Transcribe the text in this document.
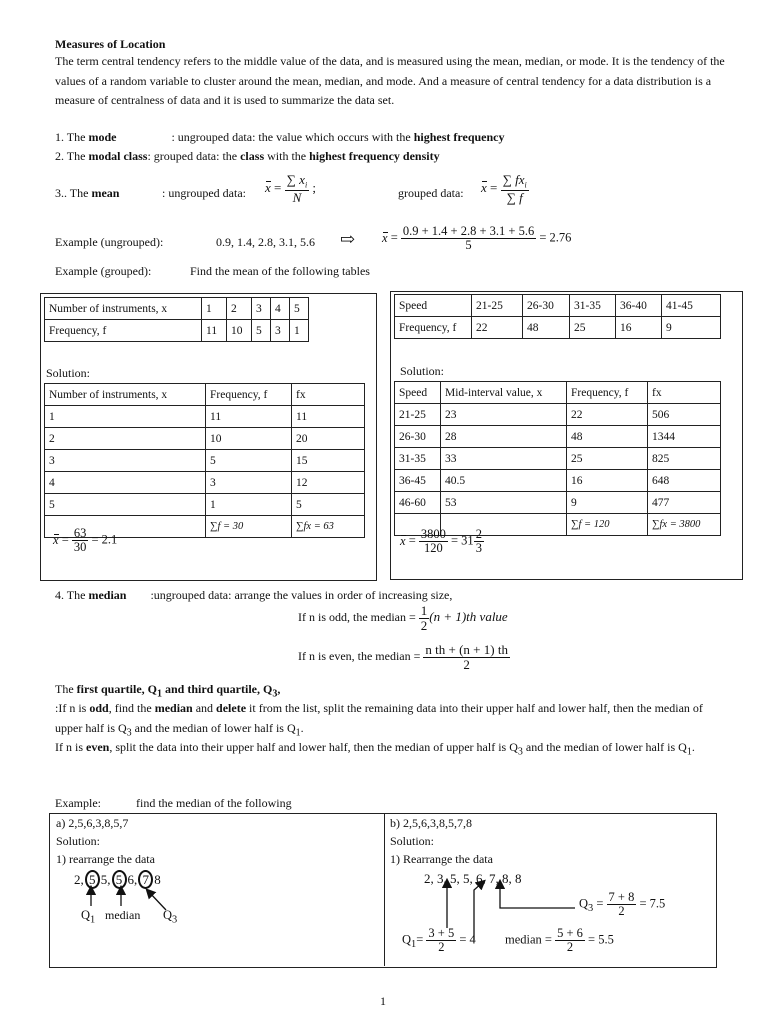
Measures of Location
The term central tendency refers to the middle value of the data, and is measured using the mean, median, or mode. It is the tendency of the values of a random variable to cluster around the mean, median, and mode. And a measure of central tendency for a data distribution is a measure of centralness of data and it is used to summarize the data set.
1. The mode	: ungrouped data: the value which occurs with the highest frequency
2. The modal class: grouped data: the class with the highest frequency density
3.. The mean	: ungrouped data: $x = \frac{\sum x_i}{N}$ ;	grouped data: $x = \frac{\sum fx_i}{\sum f}$
Example (ungrouped):	0.9, 1.4, 2.8, 3.1, 5.6 ⇨ $x = \frac{0.9 + 1.4 + 2.8 + 3.1 + 5.6}{5} = 2.76$
Example (grouped):	Find the mean of the following tables
Number of instruments, x	1	2	3	4	5
Frequency, f	11	10	5	3	1
Solution:
Number of instruments, x	Frequency, f	fx
1	11	11
2	10	20
3	5	15
4	3	12
5	1	5
	∑f = 30	∑fx = 63
$x = \frac{63}{30} = 2.1$
Speed	21-25	26-30	31-35	36-40	41-45
Frequency, f	22	48	25	16	9
Solution:
Speed	Mid-interval value, x	Frequency, f	fx
21-25	23	22	506
26-30	28	48	1344
31-35	33	25	825
36-45	40.5	16	648
46-60	53	9	477
		∑f = 120	∑fx = 3800
$x = \frac{3800}{120} = 31 \frac{2}{3}$
4. The median :ungrouped data: arrange the values in order of increasing size,
If n is odd, the median = $\frac{1}{2} (n + 1)th$ value
If n is even, the median = $\frac{\text{n th + (n + 1) th}}{2}$
The first quartile, $Q_1$ and third quartile, $Q_3$,
:If n is odd, find the median and delete it from the list, split the remaining data into their upper half and lower half, then the median of upper half is $Q_3$ and the median of lower half is $Q_1$.
If n is even, split the data into their upper half and lower half, then the median of upper half is $Q_3$ and the median of lower half is $Q_1$.
Example:	find the median of the following
a) 2,5,6,3,8,5,7
Solution:
1) rearrange the data
2, 5 5, 5 6, 7 8
$Q_1$ median $Q_3$
b) 2,5,6,3,8,5,7,8
Solution:
1) Rearrange the data
2, 3, 5, 5, 6, 7, 8, 8
$Q_3 = \frac{7 + 8}{2} = 7.5$
$Q_1= \frac{3 + 5}{2} = 4$ median = $\frac{5 + 6}{2} = 5.5$
1
